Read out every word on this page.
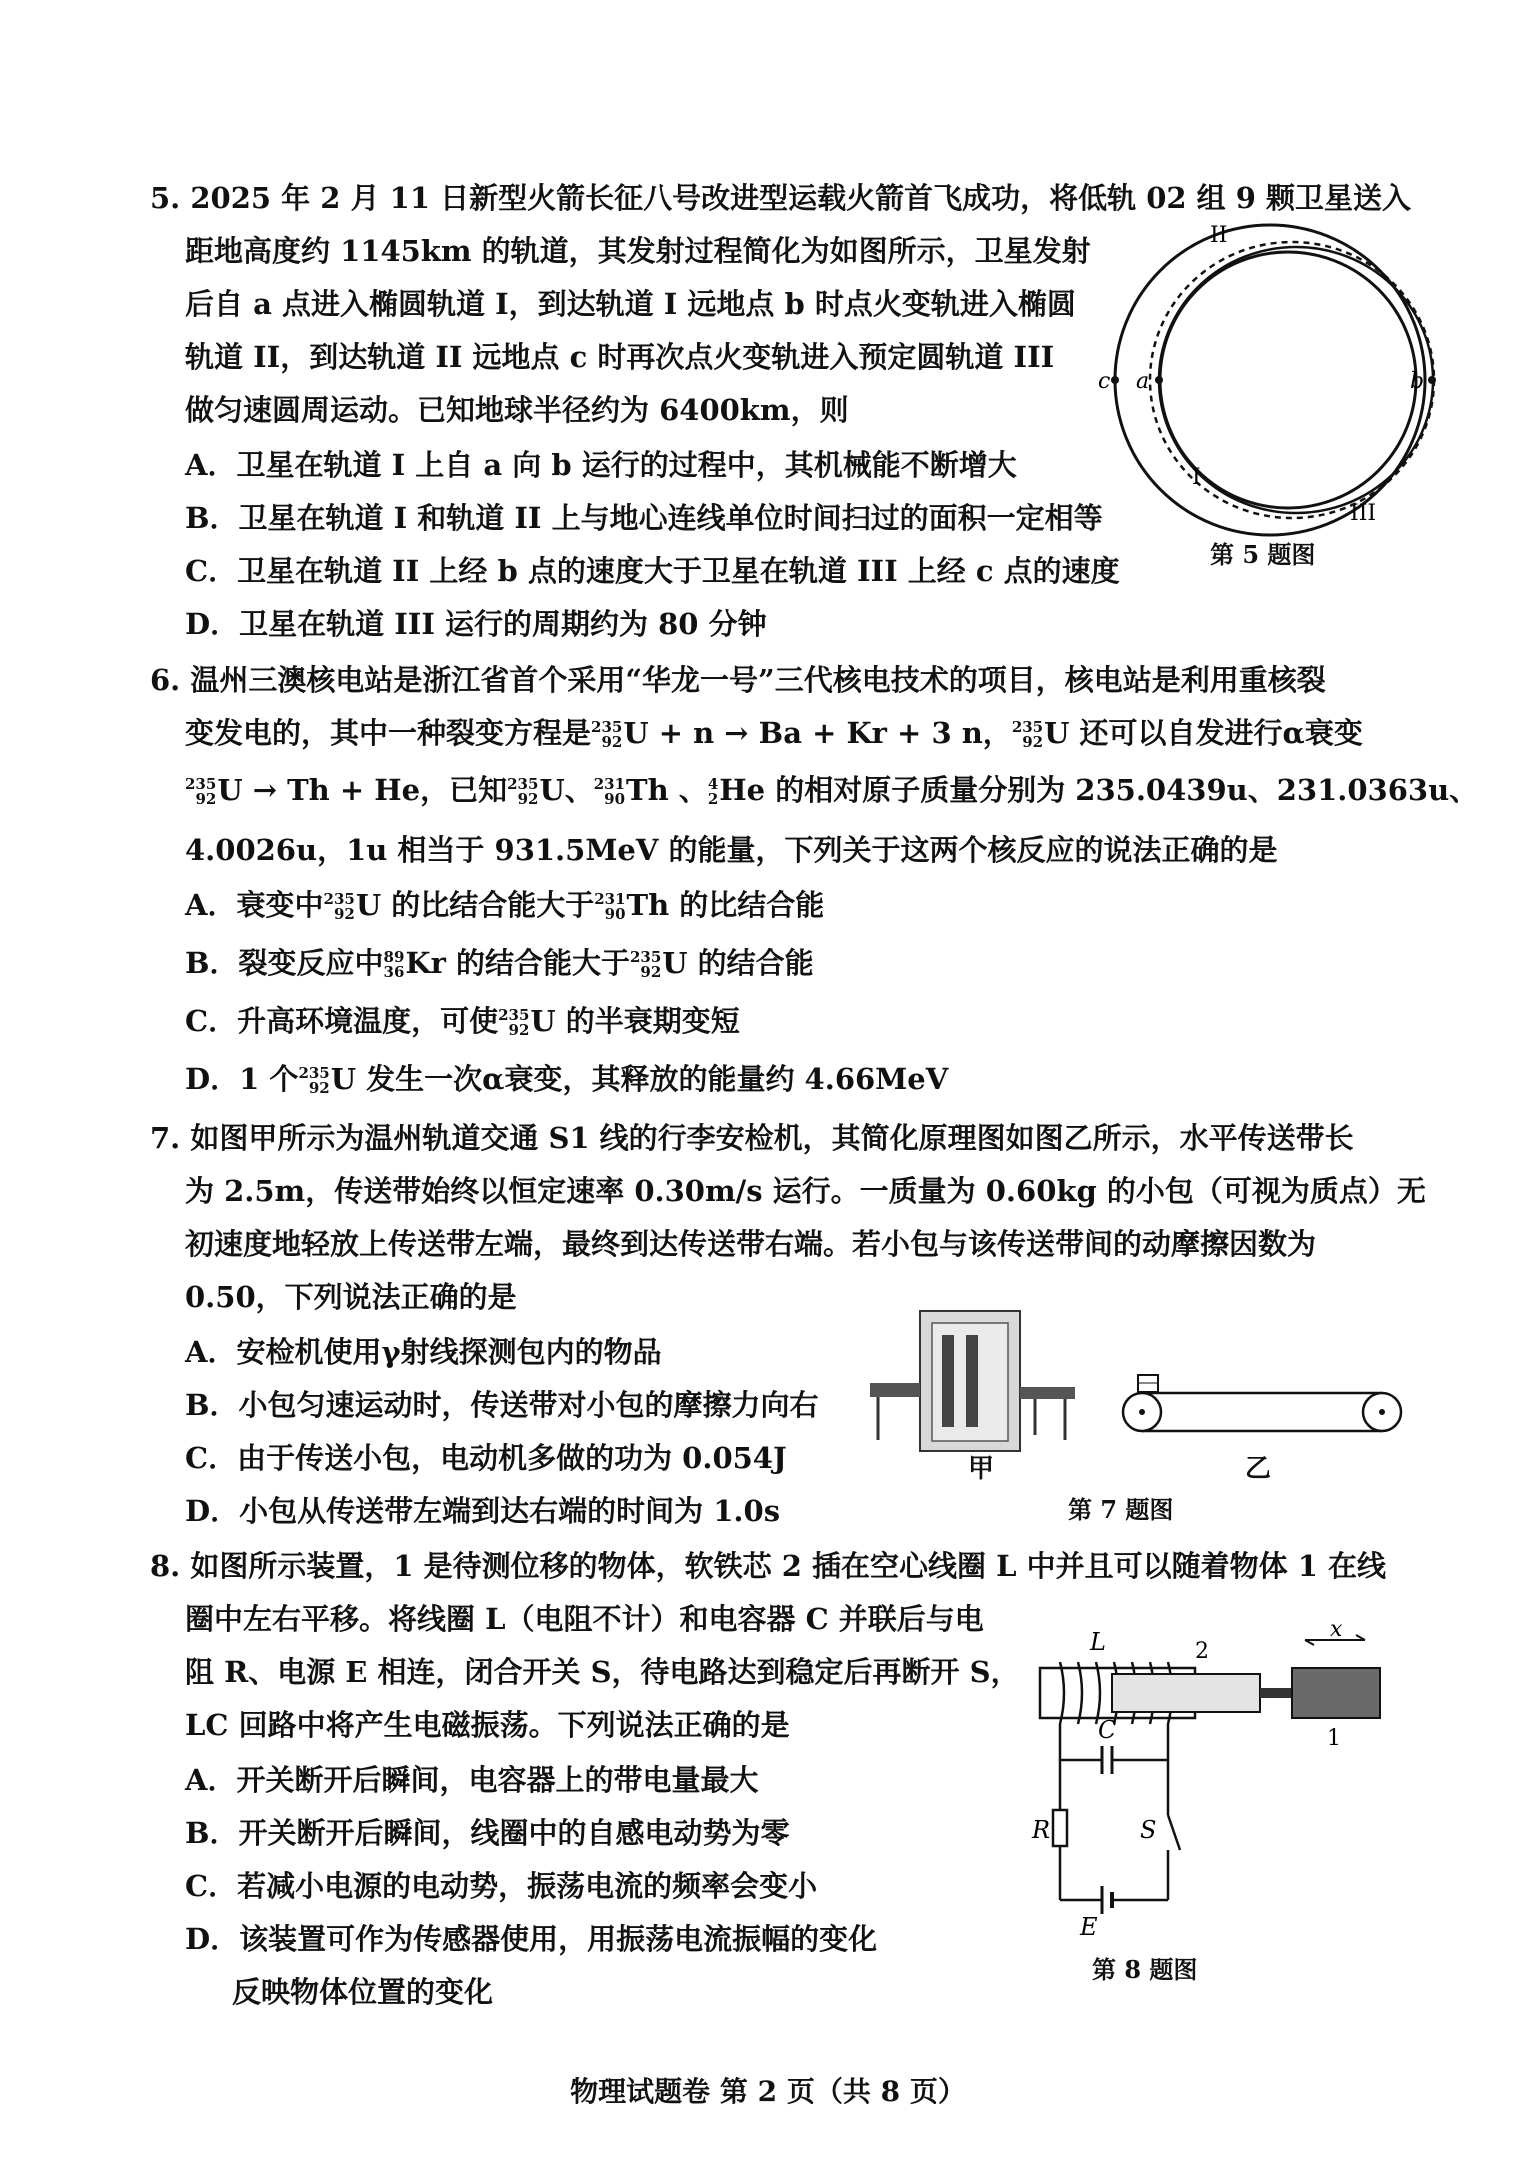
5. 2025 年 2 月 11 日新型火箭长征八号改进型运载火箭首飞成功，将低轨 02 组 9 颗卫星送入
距地高度约 1145km 的轨道，其发射过程简化为如图所示，卫星发射
后自 a 点进入椭圆轨道 I，到达轨道 I 远地点 b 时点火变轨进入椭圆
轨道 II，到达轨道 II 远地点 c 时再次点火变轨进入预定圆轨道 III
做匀速圆周运动。已知地球半径约为 6400km，则
A．卫星在轨道 I 上自 a 向 b 运行的过程中，其机械能不断增大
B．卫星在轨道 I 和轨道 II 上与地心连线单位时间扫过的面积一定相等
C．卫星在轨道 II 上经 b 点的速度大于卫星在轨道 III 上经 c 点的速度
D．卫星在轨道 III 运行的周期约为 80 分钟
II
I
III
a	b
c
第 5 题图
6. 温州三澳核电站是浙江省首个采用“华龙一号”三代核电技术的项目，核电站是利用重核裂
变发电的，其中一种裂变方程是 235
92 U + n → Ba + Kr + 3 n， 235
92 U 还可以自发进行α衰变
235
92 U → Th + He，已知 235
92 U、 231
90 Th 、 4
2 He 的相对原子质量分别为 235.0439u、231.0363u、
4.0026u，1u 相当于 931.5MeV 的能量，下列关于这两个核反应的说法正确的是
A．衰变中 235
92 U 的比结合能大于 231
90 Th 的比结合能
B．裂变反应中 89
36 Kr 的结合能大于 235
92 U 的结合能
C．升高环境温度，可使 235
92 U 的半衰期变短
D．1 个 235
92 U 发生一次α衰变，其释放的能量约 4.66MeV
7. 如图甲所示为温州轨道交通 S1 线的行李安检机，其简化原理图如图乙所示，水平传送带长
为 2.5m，传送带始终以恒定速率 0.30m/s 运行。一质量为 0.60kg 的小包（可视为质点）无
初速度地轻放上传送带左端，最终到达传送带右端。若小包与该传送带间的动摩擦因数为
0.50，下列说法正确的是
A．安检机使用γ射线探测包内的物品
B．小包匀速运动时，传送带对小包的摩擦力向右
C．由于传送小包，电动机多做的功为 0.054J
D．小包从传送带左端到达右端的时间为 1.0s
甲	乙
第 7 题图
8. 如图所示装置，1 是待测位移的物体，软铁芯 2 插在空心线圈 L 中并且可以随着物体 1 在线
圈中左右平移。将线圈 L（电阻不计）和电容器 C 并联后与电
阻 R、电源 E 相连，闭合开关 S，待电路达到稳定后再断开 S，
LC 回路中将产生电磁振荡。下列说法正确的是
A．开关断开后瞬间，电容器上的带电量最大
B．开关断开后瞬间，线圈中的自感电动势为零
C．若减小电源的电动势，振荡电流的频率会变小
D．该装置可作为传感器使用，用振荡电流振幅的变化
反映物体位置的变化
L	2
x
1
C
R	S
E
第 8 题图
物理试题卷 第 2 页（共 8 页）
